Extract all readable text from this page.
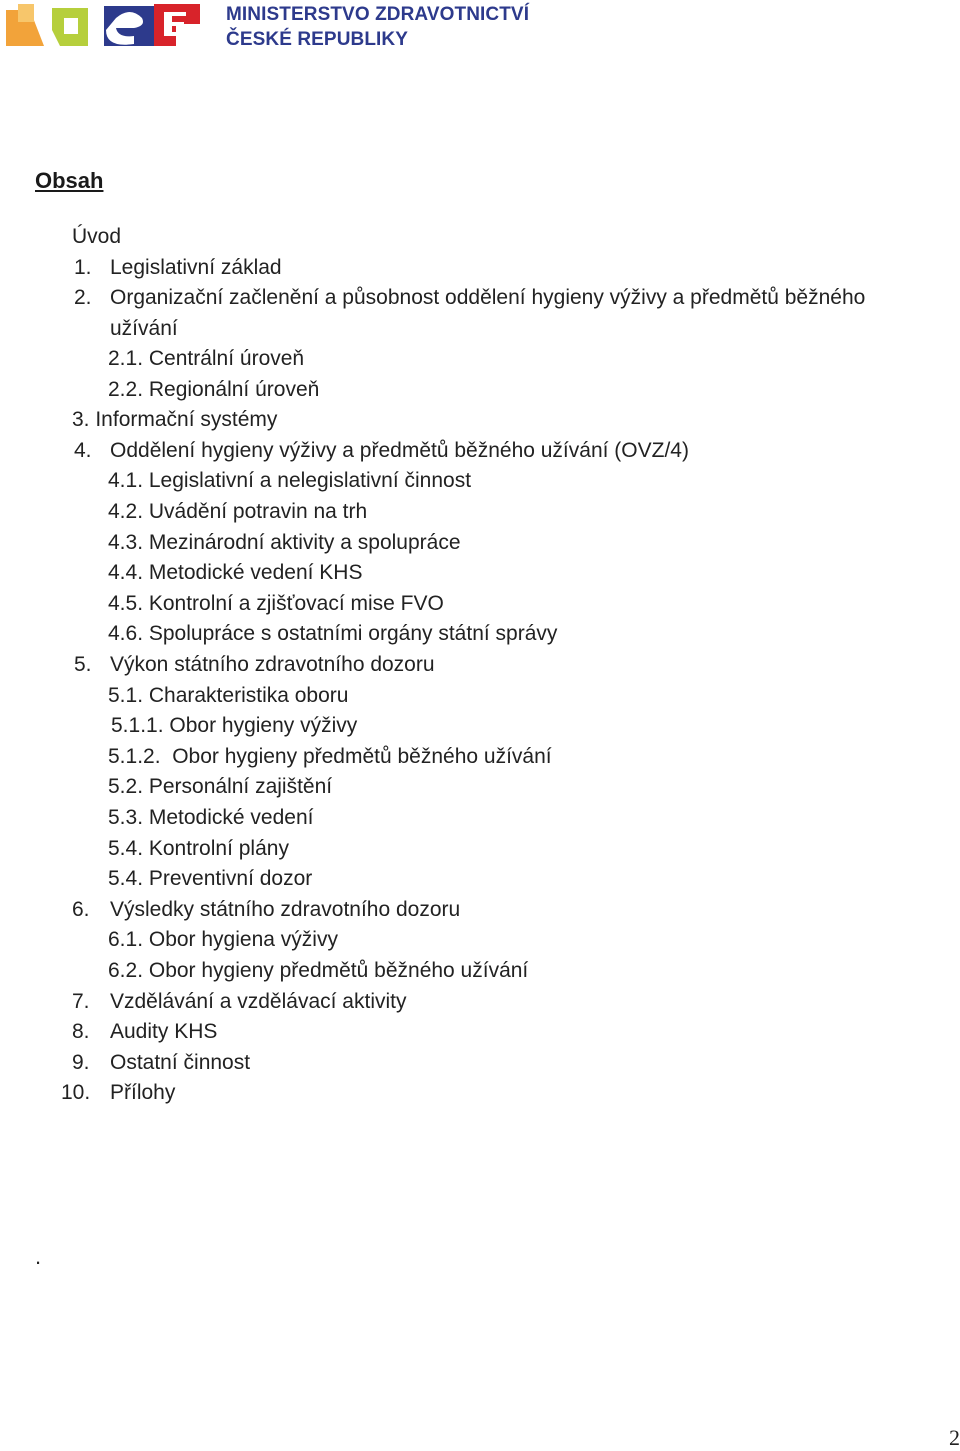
MINISTERSTVO ZDRAVOTNICTVÍ
ČESKÉ REPUBLIKY
Obsah
Úvod
1. Legislativní základ
2. Organizační začlenění a působnost oddělení hygieny výživy a předmětů běžného
užívání
2.1. Centrální úroveň
2.2. Regionální úroveň
3. Informační systémy
4. Oddělení hygieny výživy a předmětů běžného užívání (OVZ/4)
4.1. Legislativní a nelegislativní činnost
4.2. Uvádění potravin na trh
4.3. Mezinárodní aktivity a spolupráce
4.4. Metodické vedení KHS
4.5. Kontrolní a zjišťovací mise FVO
4.6. Spolupráce s ostatními orgány státní správy
5. Výkon státního zdravotního dozoru
5.1. Charakteristika oboru
5.1.1. Obor hygieny výživy
5.1.2.  Obor hygieny předmětů běžného užívání
5.2. Personální zajištění
5.3. Metodické vedení
5.4. Kontrolní plány
5.4. Preventivní dozor
6. Výsledky státního zdravotního dozoru
6.1. Obor hygiena výživy
6.2. Obor hygieny předmětů běžného užívání
7. Vzdělávání a vzdělávací aktivity
8. Audity KHS
9. Ostatní činnost
10. Přílohy
.
2
